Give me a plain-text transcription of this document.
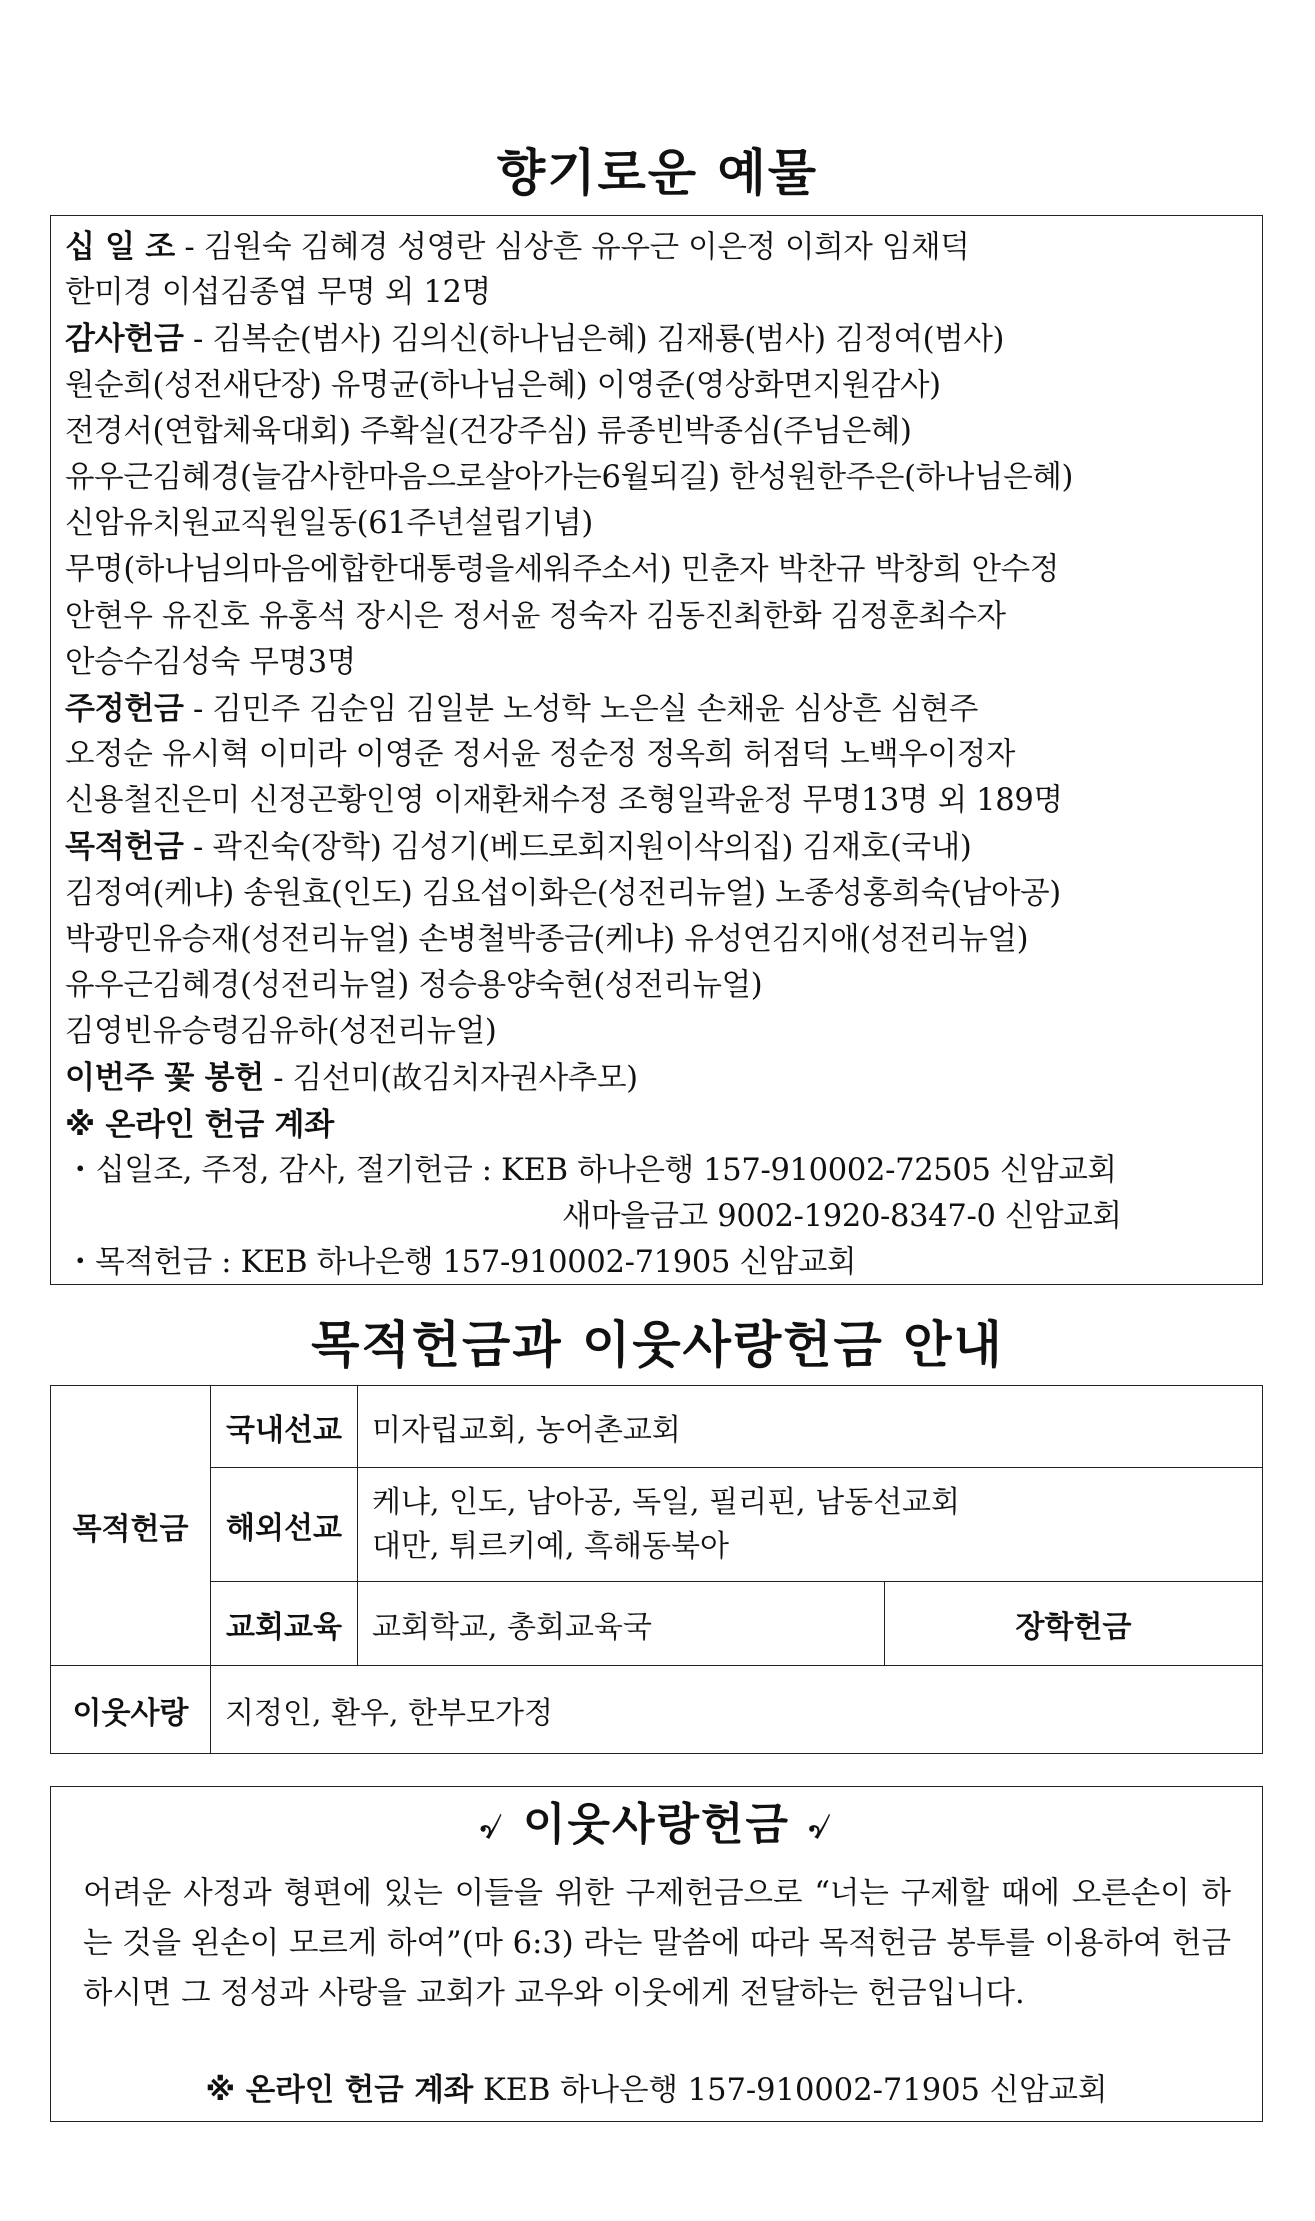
향기로운 예물
십 일 조 - 김원숙 김혜경 성영란 심상흔 유우근 이은정 이희자 임채덕
한미경 이섭김종엽 무명 외 12명
감사헌금 - 김복순(범사) 김의신(하나님은혜) 김재룡(범사) 김정여(범사)
원순희(성전새단장) 유명균(하나님은혜) 이영준(영상화면지원감사)
전경서(연합체육대회) 주확실(건강주심) 류종빈박종심(주님은혜)
유우근김혜경(늘감사한마음으로살아가는6월되길) 한성원한주은(하나님은혜)
신암유치원교직원일동(61주년설립기념)
무명(하나님의마음에합한대통령을세워주소서) 민춘자 박찬규 박창희 안수정
안현우 유진호 유홍석 장시은 정서윤 정숙자 김동진최한화 김정훈최수자
안승수김성숙 무명3명
주정헌금 - 김민주 김순임 김일분 노성학 노은실 손채윤 심상흔 심현주
오정순 유시혁 이미라 이영준 정서윤 정순정 정옥희 허점덕 노백우이정자
신용철진은미 신정곤황인영 이재환채수정 조형일곽윤정 무명13명 외 189명
목적헌금 - 곽진숙(장학) 김성기(베드로회지원이삭의집) 김재호(국내)
김정여(케냐) 송원효(인도) 김요섭이화은(성전리뉴얼) 노종성홍희숙(남아공)
박광민유승재(성전리뉴얼) 손병철박종금(케냐) 유성연김지애(성전리뉴얼)
유우근김혜경(성전리뉴얼) 정승용양숙현(성전리뉴얼)
김영빈유승령김유하(성전리뉴얼)
이번주 꽃 봉헌 - 김선미(故김치자권사추모)
※ 온라인 헌금 계좌
・십일조, 주정, 감사, 절기헌금 : KEB 하나은행 157-910002-72505 신암교회
새마을금고 9002-1920-8347-0 신암교회
・목적헌금 : KEB 하나은행 157-910002-71905 신암교회
목적헌금과 이웃사랑헌금 안내
목적헌금	국내선교	미자립교회, 농어촌교회	
	해외선교	케냐, 인도, 남아공, 독일, 필리핀, 남동선교회
대만, 튀르키예, 흑해동북아	

	교회교육	교회학교, 총회교육국	장학헌금
이웃사랑	지정인, 환우, 한부모가정		
৵ 이웃사랑헌금 ৵
어려운 사정과 형편에 있는 이들을 위한 구제헌금으로 “너는 구제할 때에 오른손이 하는 것을 왼손이 모르게 하여”(마 6:3) 라는 말씀에 따라 목적헌금 봉투를 이용하여 헌금하시면 그 정성과 사랑을 교회가 교우와 이웃에게 전달하는 헌금입니다.
※ 온라인 헌금 계좌 KEB 하나은행 157-910002-71905 신암교회
